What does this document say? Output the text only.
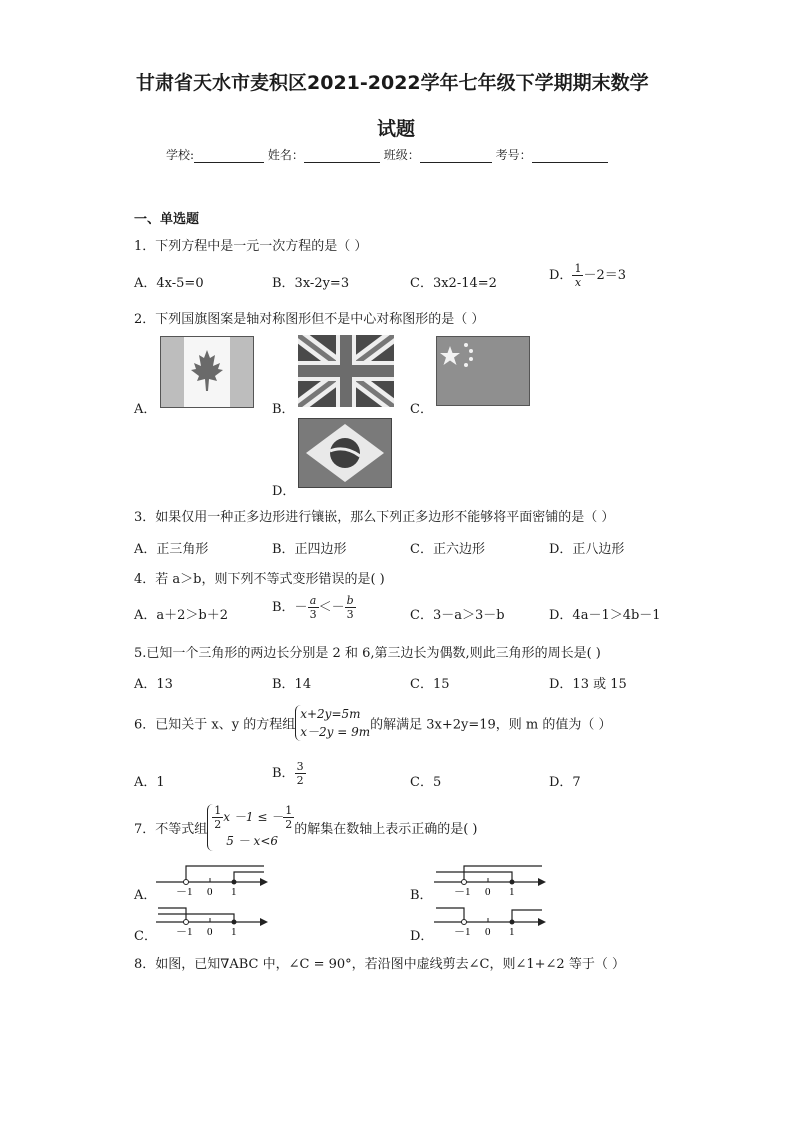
甘肃省天水市麦积区2021-2022学年七年级下学期期末数学
试题
学校:	姓名：	班级：	考号：
一、单选题
1．下列方程中是一元一次方程的是（ ）
A．4x-5=0	B．3x-2y=3	C．3x2-14=2
D． $\frac{1}{x} -2=3$
2．下列国旗图案是轴对称图形但不是中心对称图形的是（ ）
A．	B．	C．
D．
3．如果仅用一种正多边形进行镶嵌，那么下列正多边形不能够将平面密铺的是（ ）
A．正三角形	B．正四边形	C．正六边形	D．正八边形
4．若 a＞b，则下列不等式变形错误的是( )
A．a＋2＞b＋2
B．－ $\frac{a}{3} <- \frac{b}{3}$	C．3－a＞3－b	D．4a－1＞4b－1
5.已知一个三角形的两边长分别是 2 和 6,第三边长为偶数,则此三角形的周长是( )
A．13	B．14	C．15	D．13 或 15
6．已知关于 x、y 的方程组
x+2y=5m
x－2y = 9m 的解满足 3x+2y=19，则 m 的值为（ ）
A．1
B． $\frac{3}{2}$	C．5	D．7
7．不等式组 $\frac{1}{2}$ x －1 ≤ － $\frac{1}{2}$
5 － x<6
的解集在数轴上表示正确的是( )
A． －1 0 1	B． －1 0 1
C． －1 0 1	D． －1 0 1
8．如图，已知∇ABC 中，∠C = 90°，若沿图中虚线剪去∠C，则∠1+∠2 等于（ ）
